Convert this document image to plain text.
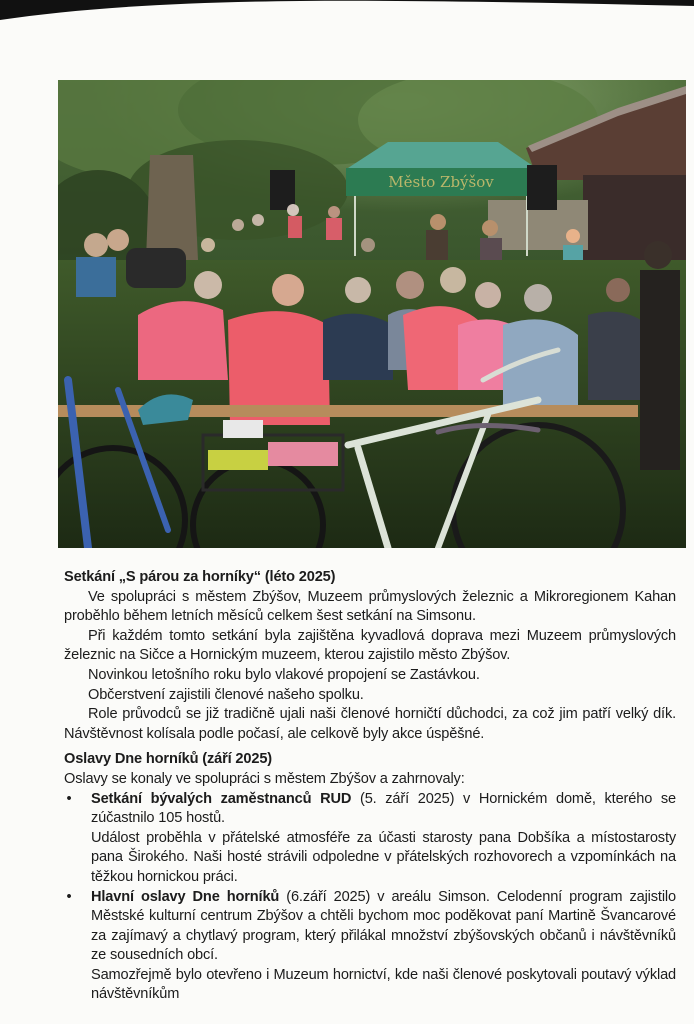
Město Zbýšov

Setkání „S párou za horníky“ (léto 2025)

Ve spolupráci s městem Zbýšov, Muzeem průmyslových železnic a Mikroregionem Kahan proběhlo během letních měsíců celkem šest setkání na Simsonu.

Při každém tomto setkání byla zajištěna kyvadlová doprava mezi Muzeem průmyslových železnic na Sičce a Hornickým muzeem, kterou zajistilo město Zbýšov.

Novinkou letošního roku bylo vlakové propojení se Zastávkou.

Občerstvení zajistili členové našeho spolku.

Role průvodců se již tradičně ujali naši členové horničtí důchodci, za což jim patří velký dík. Návštěvnost kolísala podle počasí, ale celkově byly akce úspěšné.

Oslavy Dne horníků (září 2025)

Oslavy se konaly ve spolupráci s městem Zbýšov a zahrnovaly:

• Setkání bývalých zaměstnanců RUD (5. září 2025) v Hornickém domě, kterého se zúčastnilo 105 hostů.

Událost proběhla v přátelské atmosféře za účasti starosty pana Dobšíka a místostarosty pana Širokého. Naši hosté strávili odpoledne v přátelských rozhovorech a vzpomínkách na těžkou hornickou práci.

• Hlavní oslavy Dne horníků (6.září 2025) v areálu Simson. Celodenní program zajistilo Městské kulturní centrum Zbýšov a chtěli bychom moc poděkovat paní Martině Švancarové za zajímavý a chytlavý program, který přilákal množství zbýšovských občanů i návštěvníků ze sousedních obcí.

Samozřejmě bylo otevřeno i Muzeum hornictví, kde naši členové poskytovali poutavý výklad návštěvníkům
